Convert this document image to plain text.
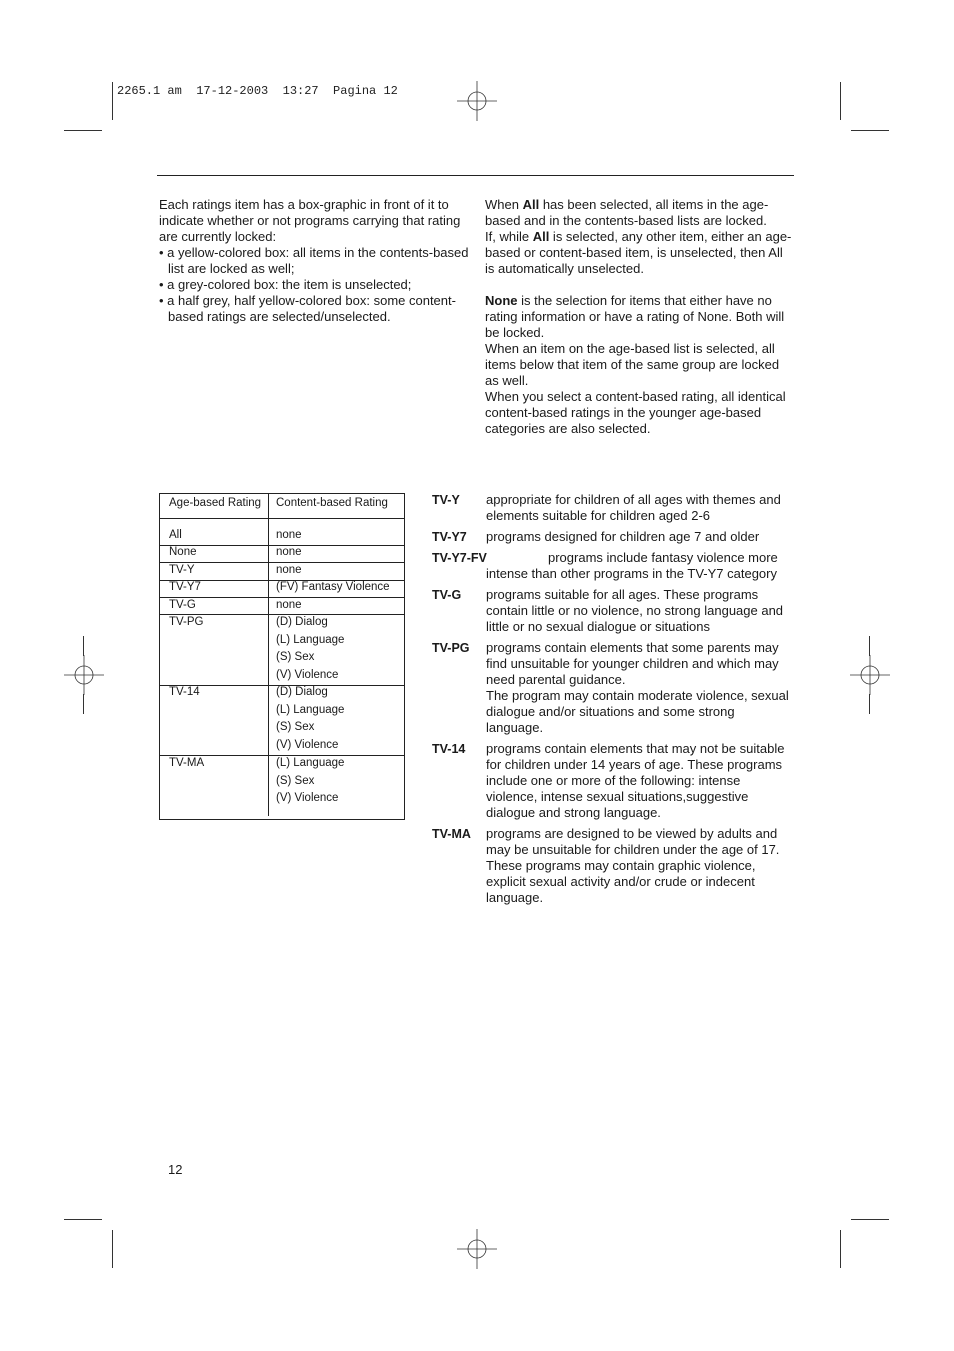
2265.1 am  17-12-2003  13:27  Pagina 12

Each ratings item has a box-graphic in front of it to indicate whether or not programs carrying that rating are currently locked:

• a yellow-colored box: all items in the contents-based list are locked as well;

• a grey-colored box: the item is unselected;

• a half grey, half yellow-colored box: some content-based ratings are selected/unselected.

When All has been selected, all items in the age-based and in the contents-based lists are locked.

If, while All is selected, any other item, either an age-based or content-based item, is unselected, then All is automatically unselected.

None is the selection for items that either have no rating information or have a rating of None. Both will be locked.

When an item on the age-based list is selected, all items below that item of the same group are locked as well.

When you select a content-based rating, all identical content-based ratings in the younger age-based categories are also selected.

Age-based Rating Content-based Rating
All	none
None	none
TV-Y	none
TV-Y7	(FV) Fantasy Violence
TV-G	none
TV-PG	(D) Dialog
(L) Language
(S) Sex
(V) Violence
TV-14	(D) Dialog
(L) Language
(S) Sex
(V) Violence
TV-MA	(L) Language
(S) Sex
(V) Violence
TV-Y appropriate for children of all ages with themes and elements suitable for children aged 2-6
TV-Y7 programs designed for children age 7 and older
TV-Y7-FV	programs include fantasy violence more intense than other programs in the TV-Y7 category
TV-G programs suitable for all ages. These programs contain little or no violence, no strong language and little or no sexual dialogue or situations
TV-PG programs contain elements that some parents may find unsuitable for younger children and which may need parental guidance.
The program may contain moderate violence, sexual dialogue and/or situations and some strong language.
TV-14 programs contain elements that may not be suitable for children under 14 years of age. These programs include one or more of the following: intense violence, intense sexual situations,suggestive dialogue and strong language.
TV-MA programs are designed to be viewed by adults and may be unsuitable for children under the age of 17. These programs may contain graphic violence, explicit sexual activity and/or crude or indecent language.
12
